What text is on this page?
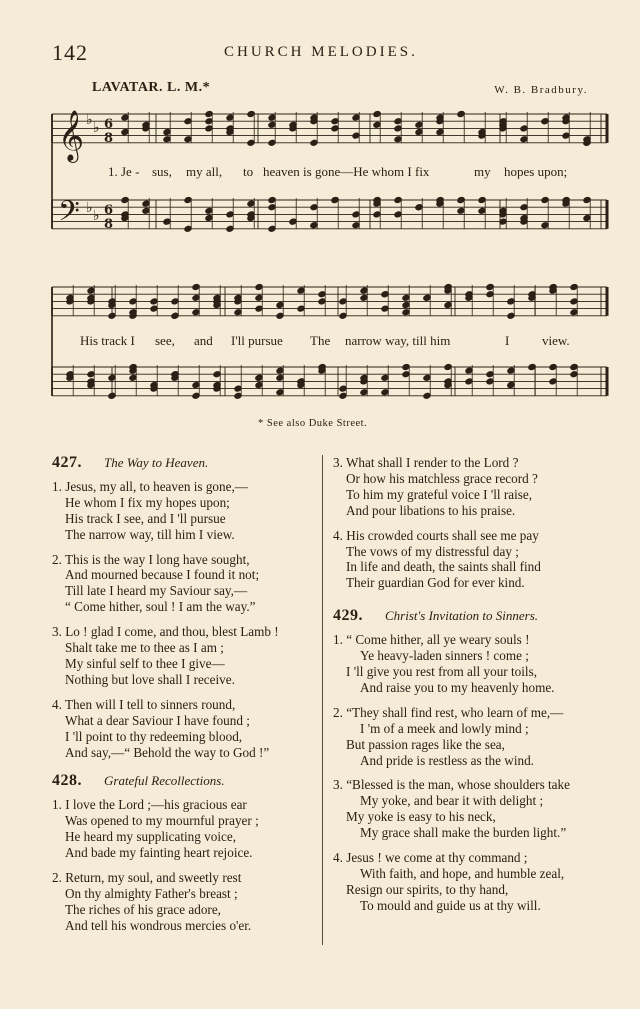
142	CHURCH MELODIES.
LAVATAR. L. M.*	W. B. Bradbury.
𝄞
𝄢
♭ ♭
♭ ♭
6
8
6
8
* See also Duke Street.
427. The Way to Heaven.
1. Jesus, my all, to heaven is gone,—
He whom I fix my hopes upon;
His track I see, and I 'll pursue
The narrow way, till him I view.
2. This is the way I long have sought,
And mourned because I found it not;
Till late I heard my Saviour say,—
“ Come hither, soul ! I am the way.”
3. Lo ! glad I come, and thou, blest Lamb !
Shalt take me to thee as I am ;
My sinful self to thee I give—
Nothing but love shall I receive.
4. Then will I tell to sinners round,
What a dear Saviour I have found ;
I 'll point to thy redeeming blood,
And say,—“ Behold the way to God !”
428. Grateful Recollections.
1. I love the Lord ;—his gracious ear
Was opened to my mournful prayer ;
He heard my supplicating voice,
And bade my fainting heart rejoice.
2. Return, my soul, and sweetly rest
On thy almighty Father's breast ;
The riches of his grace adore,
And tell his wondrous mercies o'er.
3. What shall I render to the Lord ?
Or how his matchless grace record ?
To him my grateful voice I 'll raise,
And pour libations to his praise.
4. His crowded courts shall see me pay
The vows of my distressful day ;
In life and death, the saints shall find
Their guardian God for ever kind.
429. Christ's Invitation to Sinners.
1. “ Come hither, all ye weary souls !
Ye heavy-laden sinners ! come ;
I 'll give you rest from all your toils,
And raise you to my heavenly home.
2. “They shall find rest, who learn of me,—
I 'm of a meek and lowly mind ;
But passion rages like the sea,
And pride is restless as the wind.
3. “Blessed is the man, whose shoulders take
My yoke, and bear it with delight ;
My yoke is easy to his neck,
My grace shall make the burden light.”
4. Jesus ! we come at thy command ;
With faith, and hope, and humble zeal,
Resign our spirits, to thy hand,
To mould and guide us at thy will.
1. Je - sus, my all, to heaven is gone—He whom I fix	my hopes upon;
His track I see, and I'll pursue The narrow way, till him	I	view.
